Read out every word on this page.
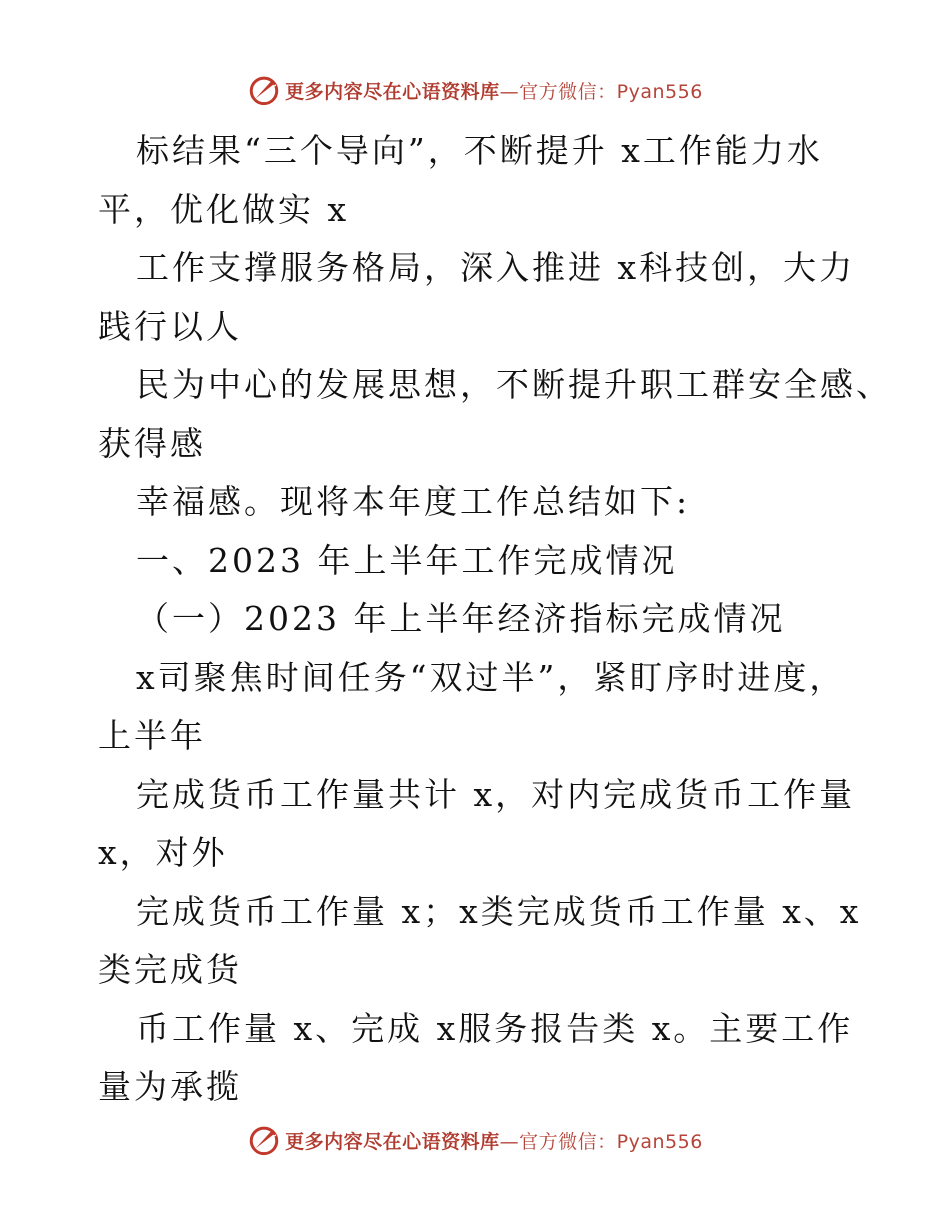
更多内容尽在心语资料库—官方微信：Pyan556
标结果“三个导向”，不断提升 x工作能力水
平，优化做实 x
工作支撑服务格局，深入推进 x科技创，大力
践行以人
民为中心的发展思想，不断提升职工群安全感、
获得感
幸福感。现将本年度工作总结如下:
一、2023 年上半年工作完成情况
（一）2023 年上半年经济指标完成情况
x司聚焦时间任务“双过半”，紧盯序时进度，
上半年
完成货币工作量共计 x，对内完成货币工作量
x，对外
完成货币工作量 x；x类完成货币工作量 x、x
类完成货
币工作量 x、完成 x服务报告类 x。主要工作
量为承揽
更多内容尽在心语资料库—官方微信：Pyan556
